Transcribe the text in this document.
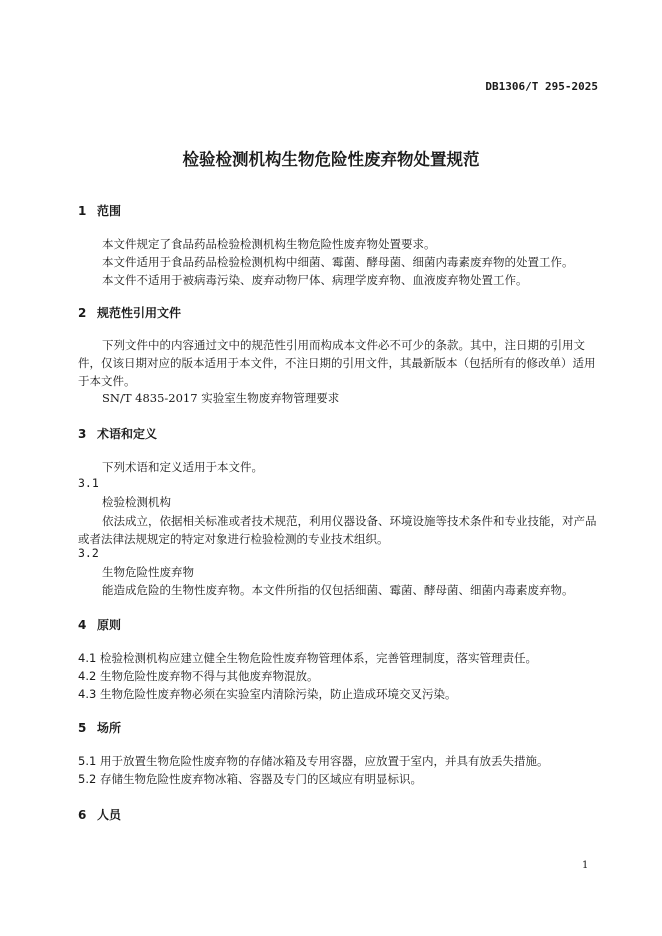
DB1306/T 295-2025
检验检测机构生物危险性废弃物处置规范
1 范围
本文件规定了食品药品检验检测机构生物危险性废弃物处置要求。
本文件适用于食品药品检验检测机构中细菌、霉菌、酵母菌、细菌内毒素废弃物的处置工作。
本文件不适用于被病毒污染、废弃动物尸体、病理学废弃物、血液废弃物处置工作。
2 规范性引用文件
下列文件中的内容通过文中的规范性引用而构成本文件必不可少的条款。其中，注日期的引用文件，仅该日期对应的版本适用于本文件，不注日期的引用文件，其最新版本（包括所有的修改单）适用于本文件。
SN/T 4835-2017 实验室生物废弃物管理要求
3 术语和定义
下列术语和定义适用于本文件。
3.1
检验检测机构
依法成立，依据相关标准或者技术规范，利用仪器设备、环境设施等技术条件和专业技能，对产品或者法律法规规定的特定对象进行检验检测的专业技术组织。
3.2
生物危险性废弃物
能造成危险的生物性废弃物。本文件所指的仅包括细菌、霉菌、酵母菌、细菌内毒素废弃物。
4 原则
4.1 检验检测机构应建立健全生物危险性废弃物管理体系，完善管理制度，落实管理责任。
4.2 生物危险性废弃物不得与其他废弃物混放。
4.3 生物危险性废弃物必须在实验室内清除污染，防止造成环境交叉污染。
5 场所
5.1 用于放置生物危险性废弃物的存储冰箱及专用容器，应放置于室内，并具有放丢失措施。
5.2 存储生物危险性废弃物冰箱、容器及专门的区域应有明显标识。
6 人员
1
